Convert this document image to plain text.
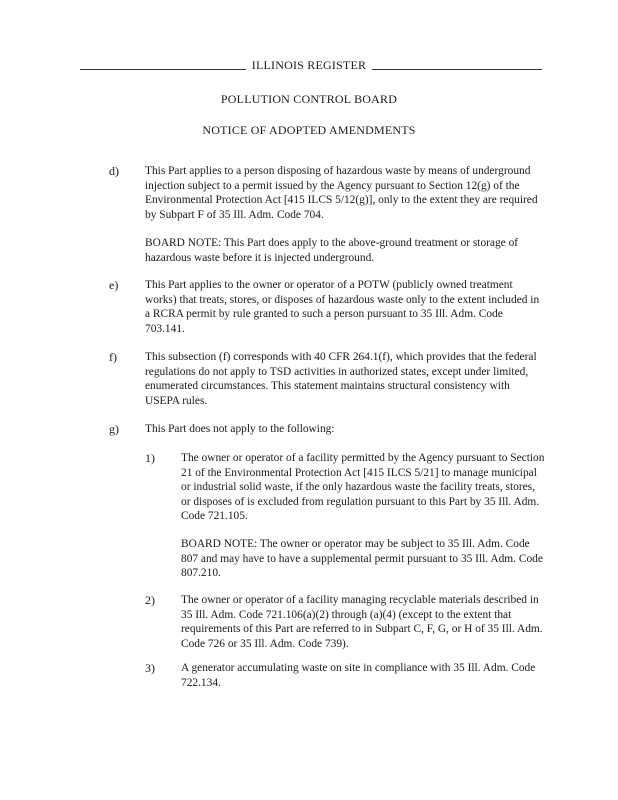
ILLINOIS REGISTER
POLLUTION CONTROL BOARD
NOTICE OF ADOPTED AMENDMENTS
d) This Part applies to a person disposing of hazardous waste by means of underground injection subject to a permit issued by the Agency pursuant to Section 12(g) of the Environmental Protection Act [415 ILCS 5/12(g)], only to the extent they are required by Subpart F of 35 Ill. Adm. Code 704.

BOARD NOTE: This Part does apply to the above-ground treatment or storage of hazardous waste before it is injected underground.

e) This Part applies to the owner or operator of a POTW (publicly owned treatment works) that treats, stores, or disposes of hazardous waste only to the extent included in a RCRA permit by rule granted to such a person pursuant to 35 Ill. Adm. Code 703.141.

f) This subsection (f) corresponds with 40 CFR 264.1(f), which provides that the federal regulations do not apply to TSD activities in authorized states, except under limited, enumerated circumstances. This statement maintains structural consistency with USEPA rules.

g) This Part does not apply to the following:

1) The owner or operator of a facility permitted by the Agency pursuant to Section 21 of the Environmental Protection Act [415 ILCS 5/21] to manage municipal or industrial solid waste, if the only hazardous waste the facility treats, stores, or disposes of is excluded from regulation pursuant to this Part by 35 Ill. Adm. Code 721.105.

BOARD NOTE: The owner or operator may be subject to 35 Ill. Adm. Code 807 and may have to have a supplemental permit pursuant to 35 Ill. Adm. Code 807.210.

2) The owner or operator of a facility managing recyclable materials described in 35 Ill. Adm. Code 721.106(a)(2) through (a)(4) (except to the extent that requirements of this Part are referred to in Subpart C, F, G, or H of 35 Ill. Adm. Code 726 or 35 Ill. Adm. Code 739).

3) A generator accumulating waste on site in compliance with 35 Ill. Adm. Code 722.134.
